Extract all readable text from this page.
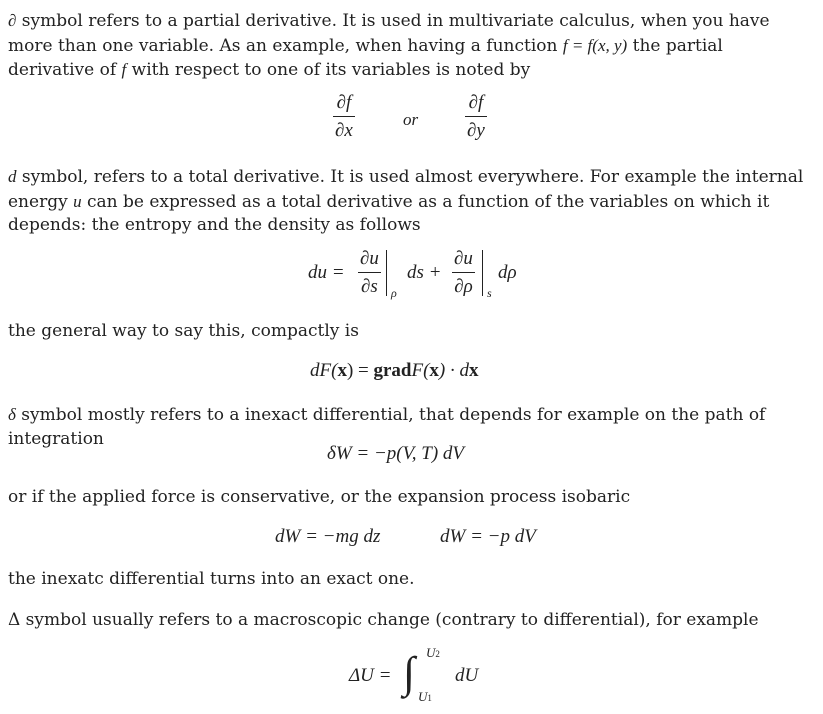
∂ symbol refers to a partial derivative. It is used in multivariate calculus, when you have more than one variable. As an example, when having a function f = f(x, y) the partial derivative of f with respect to one of its variables is noted by
∂f
∂x
or
∂f
∂y
d symbol, refers to a total derivative. It is used almost everywhere. For example the internal energy u can be expressed as a total derivative as a function of the variables on which it depends: the entropy and the density as follows
du =
∂u
∂s ρ
ds +
∂u
∂ρ s
dρ
the general way to say this, compactly is
dF(x) = gradF(x) · dx
δ symbol mostly refers to a inexact differential, that depends for example on the path of integration
δW = −p(V, T) dV
or if the applied force is conservative, or the expansion process isobaric
dW = −mg dz	dW = −p dV
the inexatc differential turns into an exact one.
Δ symbol usually refers to a macroscopic change (contrary to differential), for example
ΔU = ∫ U2
U1
dU
